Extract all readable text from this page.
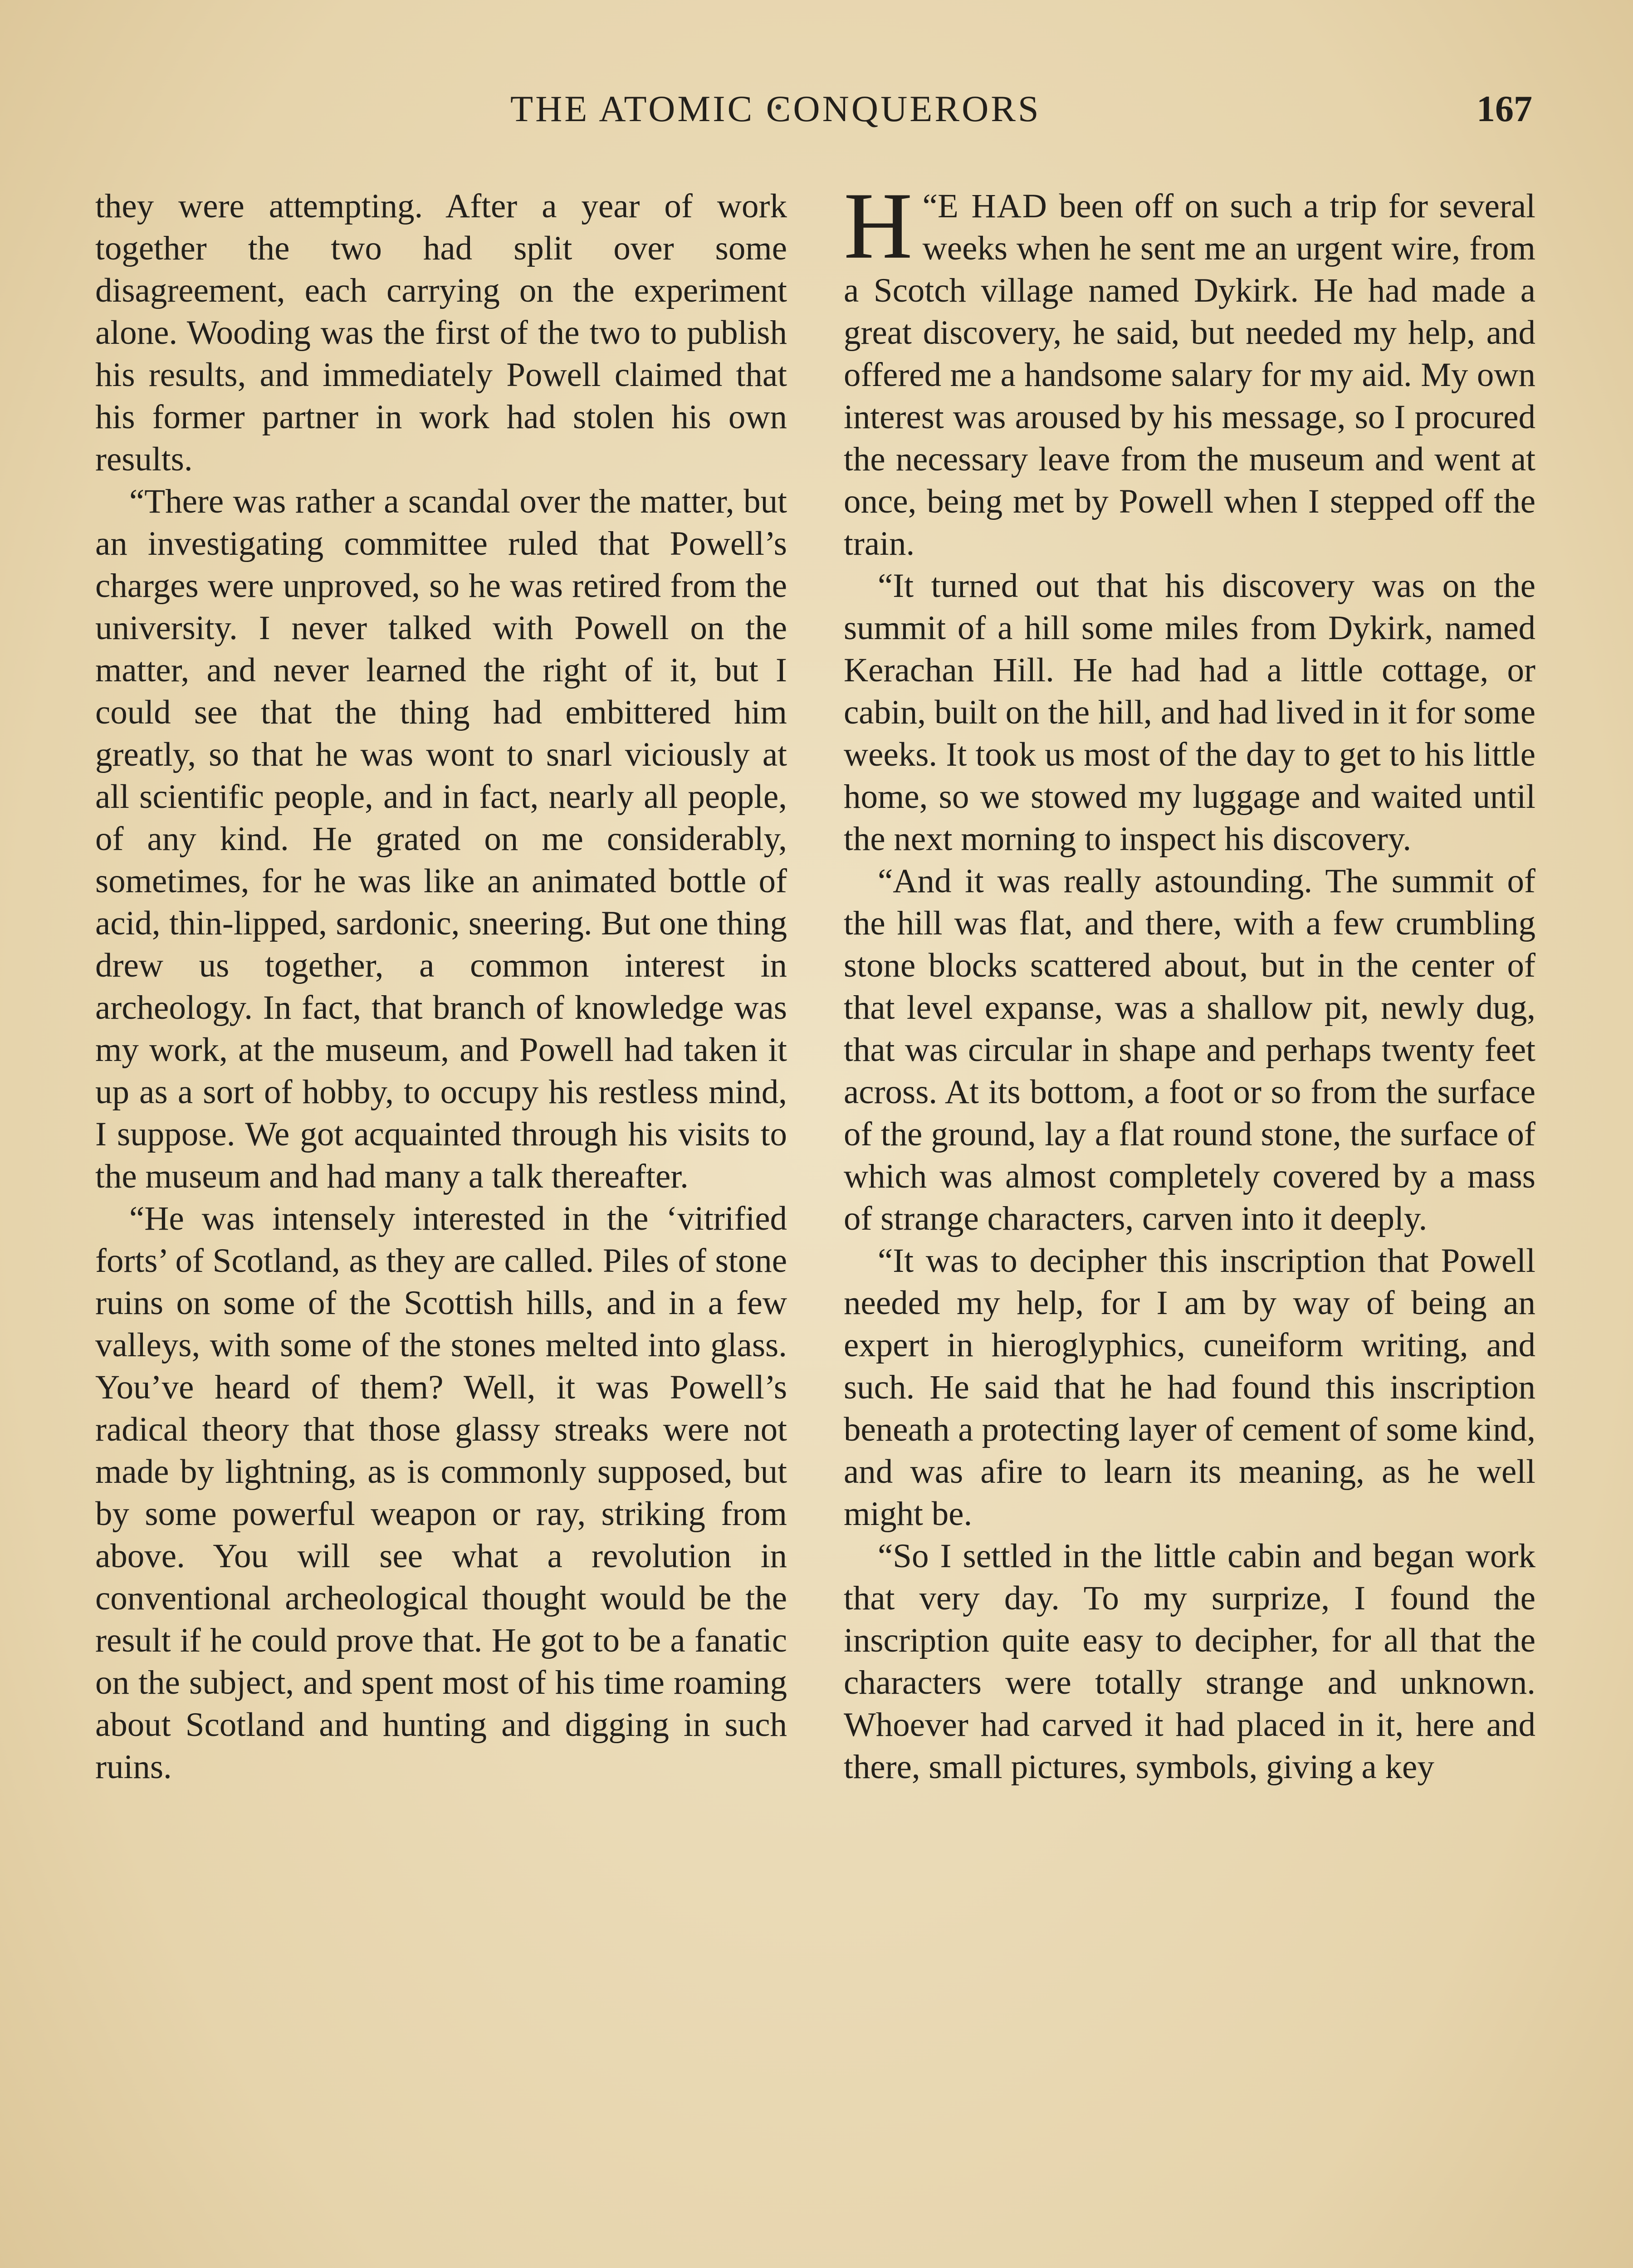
THE ATOMIC CONQUERORS	167

they were attempting. After a year of work together the two had split over some disagreement, each carrying on the experiment alone. Wooding was the first of the two to publish his results, and immediately Powell claimed that his former partner in work had stolen his own results.

“There was rather a scandal over the matter, but an investigating committee ruled that Powell’s charges were unproved, so he was retired from the university. I never talked with Powell on the matter, and never learned the right of it, but I could see that the thing had embittered him greatly, so that he was wont to snarl viciously at all scientific people, and in fact, nearly all people, of any kind. He grated on me considerably, sometimes, for he was like an animated bottle of acid, thin-lipped, sardonic, sneering. But one thing drew us together, a common interest in archeology. In fact, that branch of knowledge was my work, at the museum, and Powell had taken it up as a sort of hobby, to occupy his restless mind, I suppose. We got acquainted through his visits to the museum and had many a talk thereafter.

“He was intensely interested in the ‘vitrified forts’ of Scotland, as they are called. Piles of stone ruins on some of the Scottish hills, and in a few valleys, with some of the stones melted into glass. You’ve heard of them? Well, it was Powell’s radical theory that those glassy streaks were not made by lightning, as is commonly supposed, but by some powerful weapon or ray, striking from above. You will see what a revolution in conventional archeological thought would be the result if he could prove that. He got to be a fanatic on the subject, and spent most of his time roaming about Scotland and hunting and digging in such ruins.

“
H E HAD been off on such a trip for several weeks when he sent me an urgent wire, from a Scotch village named Dykirk. He had made a great discovery, he said, but needed my help, and offered me a handsome salary for my aid. My own interest was aroused by his message, so I procured the necessary leave from the museum and went at once, being met by Powell when I stepped off the train.

“It turned out that his discovery was on the summit of a hill some miles from Dykirk, named Kerachan Hill. He had had a little cottage, or cabin, built on the hill, and had lived in it for some weeks. It took us most of the day to get to his little home, so we stowed my luggage and waited until the next morning to inspect his discovery.

“And it was really astounding. The summit of the hill was flat, and there, with a few crumbling stone blocks scattered about, but in the center of that level expanse, was a shallow pit, newly dug, that was circular in shape and perhaps twenty feet across. At its bottom, a foot or so from the surface of the ground, lay a flat round stone, the surface of which was almost completely covered by a mass of strange characters, carven into it deeply.

“It was to decipher this inscription that Powell needed my help, for I am by way of being an expert in hieroglyphics, cuneiform writing, and such. He said that he had found this inscription beneath a protecting layer of cement of some kind, and was afire to learn its meaning, as he well might be.

“So I settled in the little cabin and began work that very day. To my surprize, I found the inscription quite easy to decipher, for all that the characters were totally strange and unknown. Whoever had carved it had placed in it, here and there, small pictures, symbols, giving a key
